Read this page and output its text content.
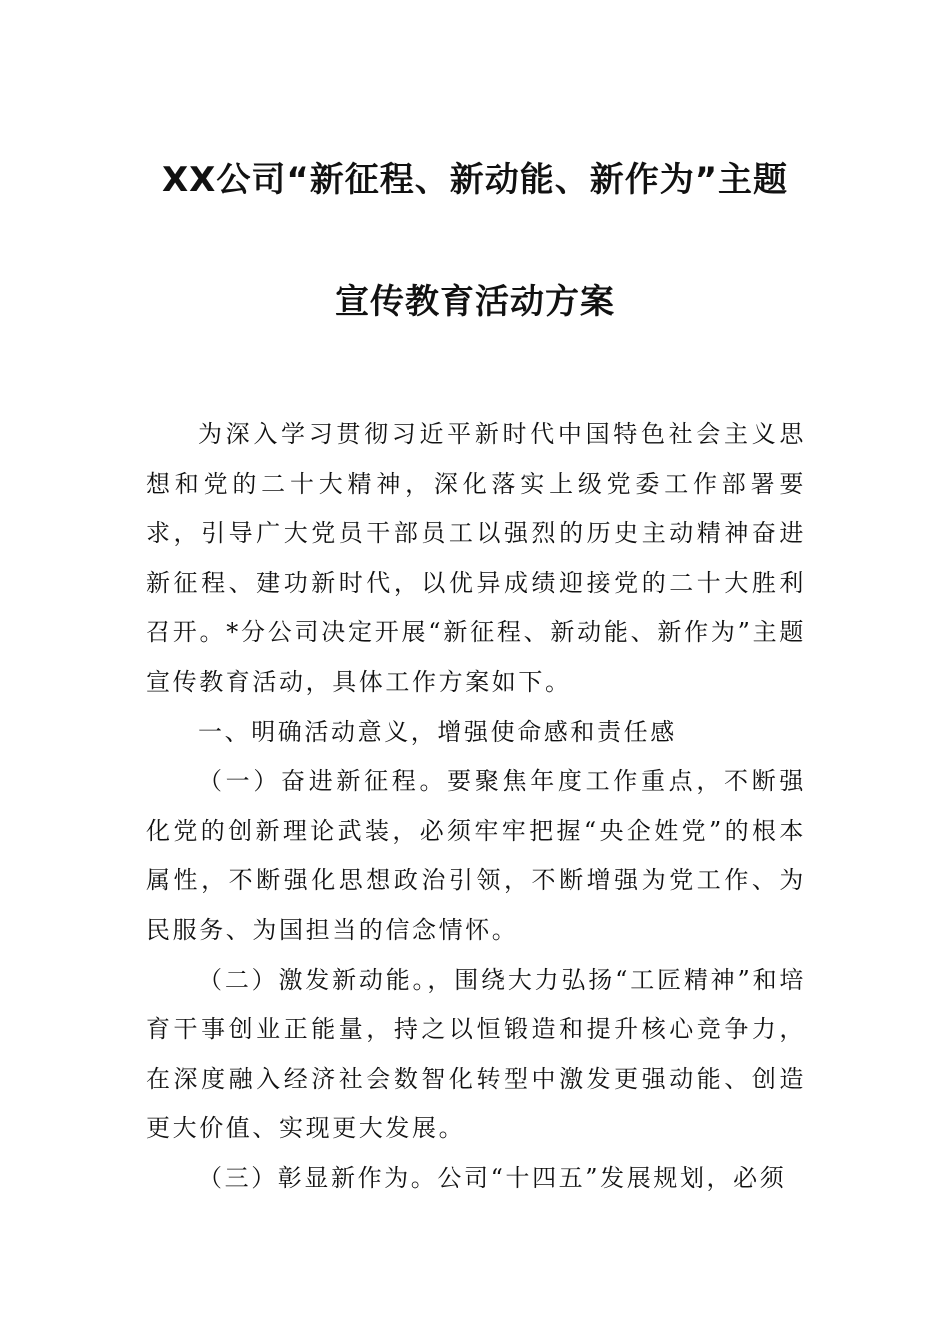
XX公司“新征程、新动能、新作为”主题
宣传教育活动方案

为深入学习贯彻习近平新时代中国特色社会主义思想和党的二十大精神，深化落实上级党委工作部署要求，引导广大党员干部员工以强烈的历史主动精神奋进新征程、建功新时代，以优异成绩迎接党的二十大胜利召开。*分公司决定开展“新征程、新动能、新作为”主题宣传教育活动，具体工作方案如下。

一、明确活动意义，增强使命感和责任感

（一）奋进新征程。要聚焦年度工作重点，不断强化党的创新理论武装，必须牢牢把握“央企姓党”的根本属性，不断强化思想政治引领，不断增强为党工作、为民服务、为国担当的信念情怀。

（二）激发新动能。，围绕大力弘扬“工匠精神”和培育干事创业正能量，持之以恒锻造和提升核心竞争力，在深度融入经济社会数智化转型中激发更强动能、创造更大价值、实现更大发展。

（三）彰显新作为。公司“十四五”发展规划，必须
